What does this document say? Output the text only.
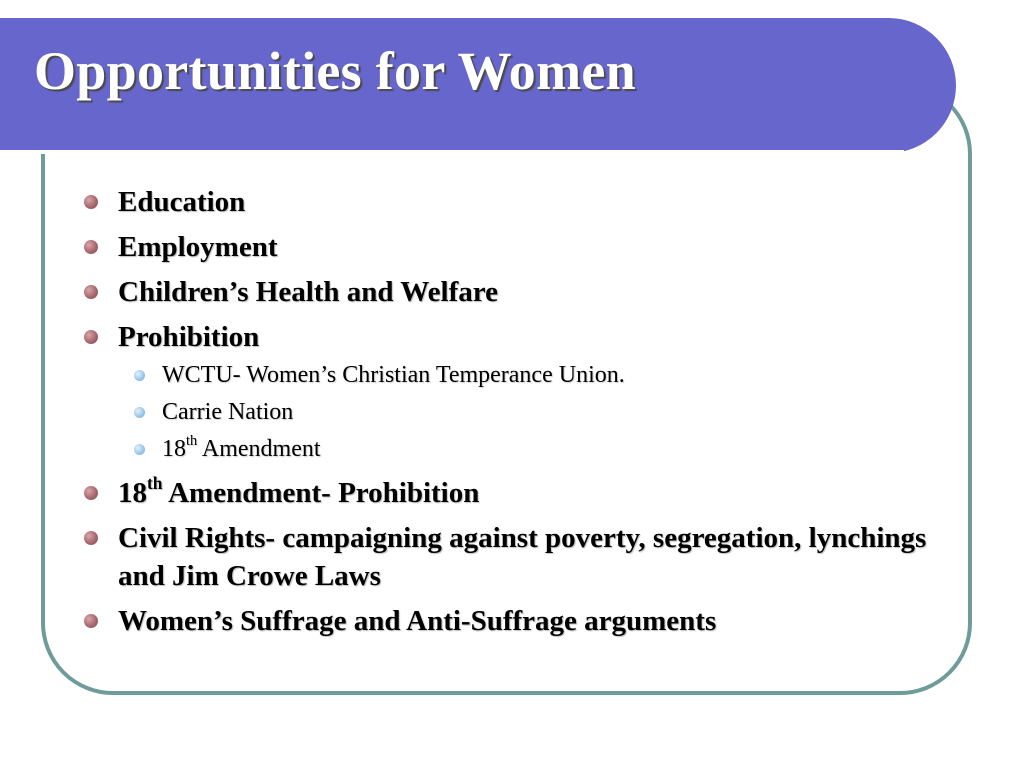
Opportunities for Women
Education
Employment
Children’s Health and Welfare
Prohibition
WCTU- Women’s Christian Temperance Union.
Carrie Nation
18th Amendment
18th Amendment- Prohibition
Civil Rights- campaigning against poverty, segregation, lynchings and Jim Crowe Laws
Women’s Suffrage and Anti-Suffrage arguments
